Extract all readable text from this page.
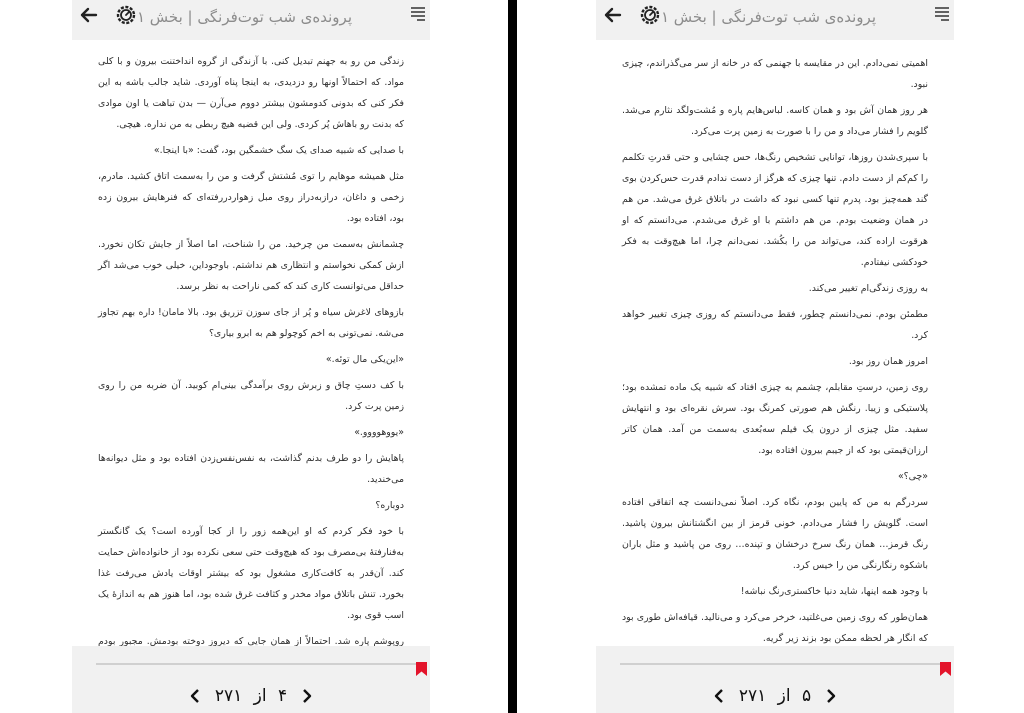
پرونده‌ی شب توت‌فرنگی | بخش ۱

زندگی من رو به جهنم تبدیل کنی. با آزندگی از گروه انداختنت بیرون و با کلی مواد. که احتمالاً اونها رو دزدیدی، به اینجا پناه آوردی. شاید جالب باشه به این فکر کنی که بدونی کدومشون بیشتر دووم می‌آرن — بدن تباهت یا اون موادی که بدنت رو باهاش پُر کردی. ولی این قضیه هیچ ربطی به من نداره. هیچی.

با صدایی که شبیه صدای یک سگ خشمگین بود، گفت: «با اینجا.»

مثل همیشه موهایم را توی مُشتش گرفت و من را به‌سمت اتاق کشید. مادرم، زخمی و داغان، درازبه‌دراز روی مبل زهواردررفته‌ای که فنرهایش بیرون زده بود، افتاده بود.

چشمانش به‌سمت من چرخید. من را شناخت، اما اصلاً از جایش تکان نخورد. ازش کمکی نخواستم و انتظاری هم نداشتم. باوجوداین، خیلی خوب می‌شد اگر حداقل می‌توانست کاری کند که کمی ناراحت به نظر برسد.

بازوهای لاغرش سیاه و پُر از جای سوزن تزریق بود. بالا مامان! داره بهم تجاوز می‌شه. نمی‌تونی به اخم کوچولو هم به ابرو بیاری؟

«این‌یکی مال توئه.»

با کف دستِ چاق و زبرش روی برآمدگی بینی‌ام کوبید. آن ضربه من را روی زمین پرت کرد.

«یووهوووو.»

پاهایش را دو طرف بدنم گذاشت، به نفس‌نفس‌زدن افتاده بود و مثل دیوانه‌ها می‌خندید.

دوباره؟

با خود فکر کردم که او این‌همه زور را از کجا آورده است؟ یک گانگستر به‌فنارفته‌ٔ بی‌مصرف بود که هیچ‌وقت حتی سعی نکرده بود از خانواده‌اش حمایت کند. آن‌قدر به کافت‌کاری مشغول بود که بیشتر اوقات یادش می‌رفت غذا بخورد. تنش باتلاق مواد مخدر و کثافت غرق شده بود، اما هنوز هم به اندازه‌ٔ یک اسب قوی بود.

روپوشم پاره شد. احتمالاً از همان جایی که دیروز دوخته بودمش. مجبور بودم

۴ از ۲۷۱
پرونده‌ی شب توت‌فرنگی | بخش ۱

اهمیتی نمی‌دادم. این در مقایسه با جهنمی که در خانه از سر می‌گذراندم، چیزی نبود.

هر روز همان آش بود و همان کاسه. لباس‌هایم پاره و مُشت‌ولگد نثارم می‌شد. گلویم را فشار می‌داد و من را با صورت به زمین پرت می‌کرد.

با سپری‌شدن روزها، توانایی تشخیص رنگ‌ها، حس چشایی و حتی قدرتِ تکلمم را کم‌کم از دست دادم. تنها چیزی که هرگز از دست ندادم قدرت حس‌کردن بوی گند همه‌چیز بود. پدرم تنها کسی نبود که داشت در باتلاق غرق می‌شد. من هم در همان وضعیت بودم. من هم داشتم با او غرق می‌شدم. می‌دانستم که او هرقوت اراده کند، می‌تواند من را بکُشد. نمی‌دانم چرا، اما هیچ‌وقت به فکر خودکشی نیفتادم.

به روزی زندگی‌ام تغییر می‌کند.

مطمئن بودم. نمی‌دانستم چطور، فقط می‌دانستم که روزی چیزی تغییر خواهد کرد.

امروز همان روز بود.

روی زمین، درستِ مقابلم، چشمم به چیزی افتاد که شبیه یک ماده تمشده بود؛ پلاستیکی و زیبا. رنگش هم صورتی کمرنگ بود. سرش نقره‌ای بود و انتهایش سفید. مثل چیزی از درون یک فیلم سه‌بُعدی به‌سمت من آمد. همان کاتر ارزان‌قیمتی بود که از جیبم بیرون افتاده بود.

«چی؟»

سردرگم به من که پایین بودم، نگاه کرد. اصلاً نمی‌دانست چه اتفاقی افتاده است. گلویش را فشار می‌دادم. خونی قرمز از بین انگشتانش بیرون پاشید. رنگ قرمز… همان رنگ سرخ درخشان و تپنده… روی من پاشید و مثل باران باشکوه رنگارنگی من را خیس کرد.

با وجود همه اینها، شاید دنیا خاکستری‌رنگ نباشه!

همان‌طور که روی زمین می‌غلتید، خرخر می‌کرد و می‌نالید. قیافه‌اش طوری بود که انگار هر لحظه ممکن بود بزند زیر گریه.

۵ از ۲۷۱
